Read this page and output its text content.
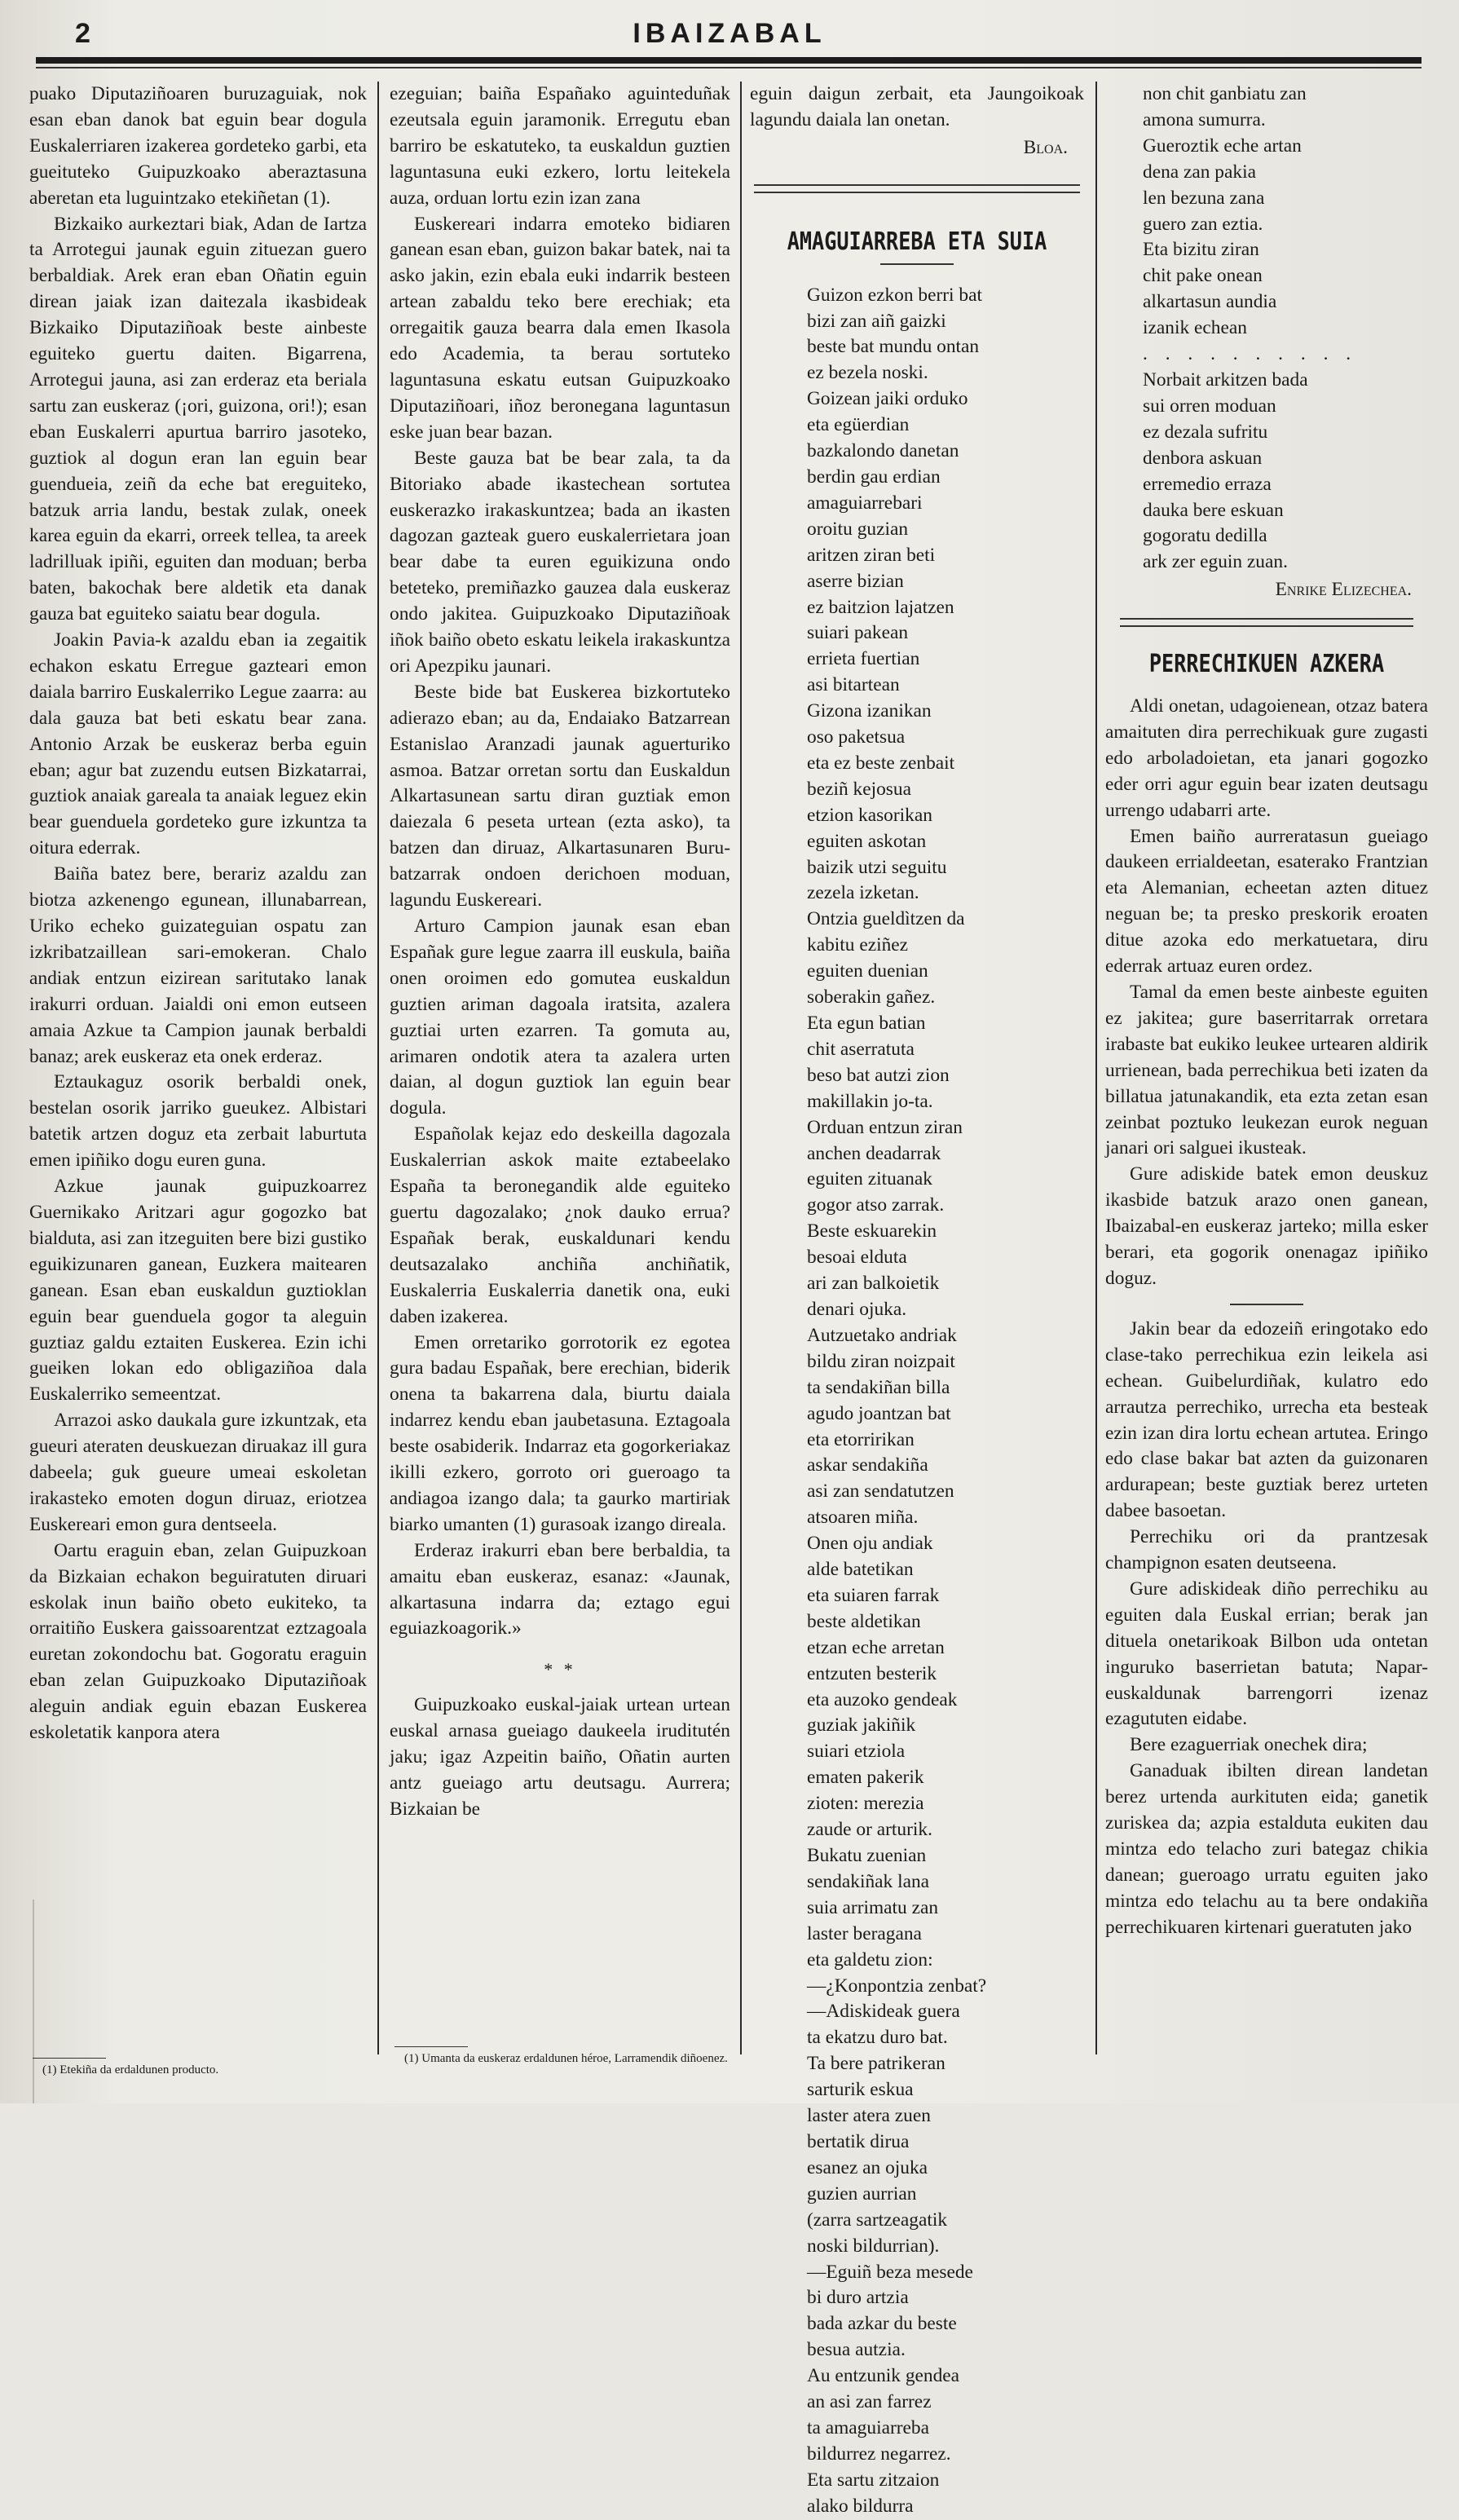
2	IBAIZABAL

puako Diputaziñoaren buruzaguiak, nok esan eban danok bat eguin bear dogula Euskalerriaren izakerea gordeteko garbi, eta gueituteko Guipuzkoako aberaztasuna aberetan eta luguintzako etekiñetan (1).

Bizkaiko aurkeztari biak, Adan de Iartza ta Arrotegui jaunak eguin zituezan guero berbaldiak. Arek eran eban Oñatin eguin direan jaiak izan daitezala ikasbideak Bizkaiko Diputaziñoak beste ainbeste eguiteko guertu daiten. Bigarrena, Arrotegui jauna, asi zan erderaz eta beriala sartu zan euskeraz (¡ori, guizona, ori!); esan eban Euskalerri apurtua barriro jasoteko, guztiok al dogun eran lan eguin bear guendueia, zeiñ da eche bat ereguiteko, batzuk arria landu, bestak zulak, oneek karea eguin da ekarri, orreek tellea, ta areek ladrilluak ipiñi, eguiten dan moduan; berba baten, bakochak bere aldetik eta danak gauza bat eguiteko saiatu bear dogula.

Joakin Pavia-k azaldu eban ia zegaitik echakon eskatu Erregue gazteari emon daiala barriro Euskalerriko Legue zaarra: au dala gauza bat beti eskatu bear zana. Antonio Arzak be euskeraz berba eguin eban; agur bat zuzendu eutsen Bizkatarrai, guztiok anaiak gareala ta anaiak leguez ekin bear guenduela gordeteko gure izkuntza ta oitura ederrak.

Baiña batez bere, berariz azaldu zan biotza azkenengo egunean, illunabarrean, Uriko echeko guizateguian ospatu zan izkribatzaillean sari-emokeran. Chalo andiak entzun eizirean saritutako lanak irakurri orduan. Jaialdi oni emon eutseen amaia Azkue ta Campion jaunak berbaldi banaz; arek euskeraz eta onek erderaz.

Eztaukaguz osorik berbaldi onek, bestelan osorik jarriko gueukez. Albistari batetik artzen doguz eta zerbait laburtuta emen ipiñiko dogu euren guna.

Azkue jaunak guipuzkoarrez Guernikako Aritzari agur gogozko bat bialduta, asi zan itzeguiten bere bizi gustiko eguikizunaren ganean, Euzkera maitearen ganean. Esan eban euskaldun guztioklan eguin bear guenduela gogor ta aleguin guztiaz galdu eztaiten Euskerea. Ezin ichi gueiken lokan edo obligaziñoa dala Euskalerriko semeentzat.

Arrazoi asko daukala gure izkuntzak, eta gueuri ateraten deuskuezan diruakaz ill gura dabeela; guk gueure umeai eskoletan irakasteko emoten dogun diruaz, eriotzea Euskereari emon gura dentseela.

Oartu eraguin eban, zelan Guipuzkoan da Bizkaian echakon beguiratuten diruari eskolak inun baiño obeto eukiteko, ta orraitiño Euskera gaissoarentzat eztzagoala euretan zokondochu bat. Gogoratu eraguin eban zelan Guipuzkoako Diputaziñoak aleguin andiak eguin ebazan Euskerea eskoletatik kanpora atera

(1) Etekiña da erdaldunen producto.

ezeguian; baiña Españako aguinteduñak ezeutsala eguin jaramonik. Erregutu eban barriro be eskatuteko, ta euskaldun guztien laguntasuna euki ezkero, lortu leitekela auza, orduan lortu ezin izan zana

Euskereari indarra emoteko bidiaren ganean esan eban, guizon bakar batek, nai ta asko jakin, ezin ebala euki indarrik besteen artean zabaldu teko bere erechiak; eta orregaitik gauza bearra dala emen Ikasola edo Academia, ta berau sortuteko laguntasuna eskatu eutsan Guipuzkoako Diputaziñoari, iñoz beronegana laguntasun eske juan bear bazan.

Beste gauza bat be bear zala, ta da Bitoriako abade ikastechean sortutea euskerazko irakaskuntzea; bada an ikasten dagozan gazteak guero euskalerrietara joan bear dabe ta euren eguikizuna ondo beteteko, premiñazko gauzea dala euskeraz ondo jakitea. Guipuzkoako Diputaziñoak iñok baiño obeto eskatu leikela irakaskuntza ori Apezpiku jaunari.

Beste bide bat Euskerea bizkortuteko adierazo eban; au da, Endaiako Batzarrean Estanislao Aranzadi jaunak aguerturiko asmoa. Batzar orretan sortu dan Euskaldun Alkartasunean sartu diran guztiak emon daiezala 6 peseta urtean (ezta asko), ta batzen dan diruaz, Alkartasunaren Buru-batzarrak ondoen derichoen moduan, lagundu Euskereari.

Arturo Campion jaunak esan eban Españak gure legue zaarra ill euskula, baiña onen oroimen edo gomutea euskaldun guztien ariman dagoala iratsita, azalera guztiai urten ezarren. Ta gomuta au, arimaren ondotik atera ta azalera urten daian, al dogun guztiok lan eguin bear dogula.

Españolak kejaz edo deskeilla dagozala Euskalerrian askok maite eztabeelako España ta beronegandik alde eguiteko guertu dagozalako; ¿nok dauko errua? Españak berak, euskaldunari kendu deutsazalako anchiña anchiñatik, Euskalerria Euskalerria danetik ona, euki daben izakerea.

Emen orretariko gorrotorik ez egotea gura badau Españak, bere erechian, biderik onena ta bakarrena dala, biurtu daiala indarrez kendu eban jaubetasuna. Eztagoala beste osabiderik. Indarraz eta gogorkeriakaz ikilli ezkero, gorroto ori gueroago ta andiagoa izango dala; ta gaurko martiriak biarko umanten (1) gurasoak izango direala.

Erderaz irakurri eban bere berbaldia, ta amaitu eban euskeraz, esanaz: «Jaunak, alkartasuna indarra da; eztago egui eguiazkoagorik.»

* *

Guipuzkoako euskal-jaiak urtean urtean euskal arnasa gueiago daukeela iruditutén jaku; igaz Azpeitin baiño, Oñatin aurten antz gueiago artu deutsagu. Aurrera; Bizkaian be

(1) Umanta da euskeraz erdaldunen héroe, Larramendik diñoenez.

eguin daigun zerbait, eta Jaungoikoak lagundu daiala lan onetan.

Bloa.
AMAGUIARREBA ETA SUIA
Guizon ezkon berri bat
bizi zan aiñ gaizki
beste bat mundu ontan
ez bezela noski.
Goizean jaiki orduko
eta egüerdian
bazkalondo danetan
berdin gau erdian
amaguiarrebari
oroitu guzian
aritzen ziran beti
aserre bizian
ez baitzion lajatzen
suiari pakean
errieta fuertian
asi bitartean
Gizona izanikan
oso paketsua
eta ez beste zenbait
beziñ kejosua
etzion kasorikan
eguiten askotan
baizik utzi seguitu
zezela izketan.
Ontzia gueldìtzen da
kabitu eziñez
eguiten duenian
soberakin gañez.
Eta egun batian
chit aserratuta
beso bat autzi zion
makillakin jo-ta.
Orduan entzun ziran
anchen deadarrak
eguiten zituanak
gogor atso zarrak.
Beste eskuarekin
besoai elduta
ari zan balkoietik
denari ojuka.
Autzuetako andriak
bildu ziran noizpait
ta sendakiñan billa
agudo joantzan bat
eta etorririkan
askar sendakiña
asi zan sendatutzen
atsoaren miña.
Onen oju andiak
alde batetikan
eta suiaren farrak
beste aldetikan
etzan eche arretan
entzuten besterik
eta auzoko gendeak
guziak jakiñik
suiari etziola
ematen pakerik
zioten: merezia
zaude or arturik.
Bukatu zuenian
sendakiñak lana
suia arrimatu zan
laster beragana
eta galdetu zion:
—¿Konpontzia zenbat?
—Adiskideak guera
ta ekatzu duro bat.
Ta bere patrikeran
sarturik eskua
laster atera zuen
bertatik dirua
esanez an ojuka
guzien aurrian
(zarra sartzeagatik
noski bildurrian).
—Eguiñ beza mesede
bi duro artzia
bada azkar du beste
besua autzia.
Au entzunik gendea
an asi zan farrez
ta amaguiarreba
bildurrez negarrez.
Eta sartu zitzaion
alako bildurra
non chit ganbiatu zan
amona sumurra.
Gueroztik eche artan
dena zan pakia
len bezuna zana
guero zan eztia.
Eta bizitu ziran
chit pake onean
alkartasun aundia
izanik echean
. . . . . . . . . .
Norbait arkitzen bada
sui orren moduan
ez dezala sufritu
denbora askuan
erremedio erraza
dauka bere eskuan
gogoratu dedilla
ark zer eguin zuan.
Enrike Elizechea.
PERRECHIKUEN AZKERA

Aldi onetan, udagoienean, otzaz batera amaituten dira perrechikuak gure zugasti edo arboladoietan, eta janari gogozko eder orri agur eguin bear izaten deutsagu urrengo udabarri arte.

Emen baiño aurreratasun gueiago daukeen errialdeetan, esaterako Frantzian eta Alemanian, echeetan azten dituez neguan be; ta presko preskorik eroaten ditue azoka edo merkatuetara, diru ederrak artuaz euren ordez.

Tamal da emen beste ainbeste eguiten ez jakitea; gure baserritarrak orretara irabaste bat eukiko leukee urtearen aldirik urrienean, bada perrechikua beti izaten da billatua jatunakandik, eta ezta zetan esan zeinbat poztuko leukezan eurok neguan janari ori salguei ikusteak.

Gure adiskide batek emon deuskuz ikasbide batzuk arazo onen ganean, Ibaizabal-en euskeraz jarteko; milla esker berari, eta gogorik onenagaz ipiñiko doguz.

Jakin bear da edozeiñ eringotako edo clase-tako perrechikua ezin leikela asi echean. Guibelurdiñak, kulatro edo arrautza perrechiko, urrecha eta besteak ezin izan dira lortu echean artutea. Eringo edo clase bakar bat azten da guizonaren ardurapean; beste guztiak berez urteten dabee basoetan.

Perrechiku ori da prantzesak champignon esaten deutseena.

Gure adiskideak diño perrechiku au eguiten dala Euskal errian; berak jan dituela onetarikoak Bilbon uda ontetan inguruko baserrietan batuta; Napar-euskaldunak barrengorri izenaz ezagututen eidabe.

Bere ezaguerriak onechek dira;

Ganaduak ibilten direan landetan berez urtenda aurkituten eida; ganetik zuriskea da; azpia estalduta eukiten dau mintza edo telacho zuri bategaz chikia danean; gueroago urratu eguiten jako mintza edo telachu au ta bere ondakiña perrechikuaren kirtenari gueratuten jako
